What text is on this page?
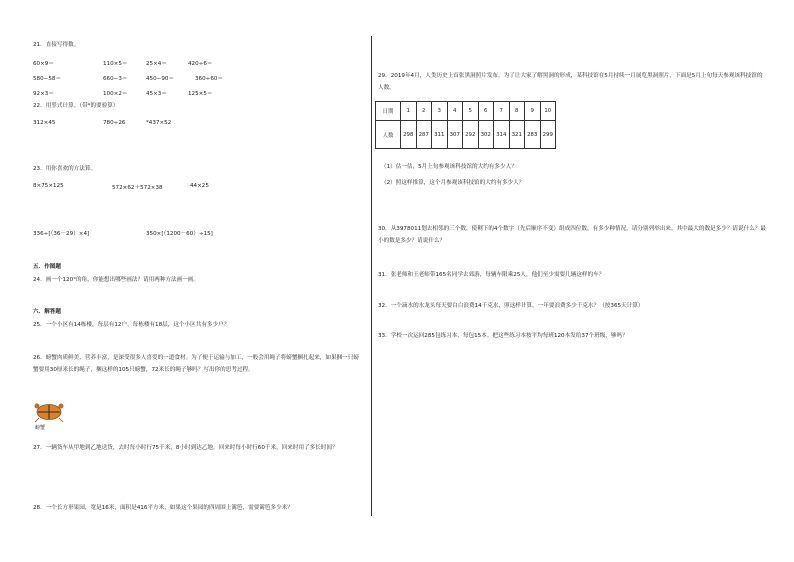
21．直接写得数。
60×9＝	110×5＝	25×4＝	420÷6＝
580−58＝	660−3＝	450−90＝	360÷60＝
92×3＝	100×2＝	45×3＝	125×5＝
22．用竖式计算。（带*的要验算）
312×45	780÷26	*437×52
23．用你喜欢的方法算。
8×75×125	572×62＋572×38	44×25
336÷[（36－29）×4]	350×[（1200－60）÷15]
五．作图题
24．画一个120°的角，你能想出哪些画法？请用两种方法画一画。
六．解答题
25．一个小区有14栋楼，每层有12户，每栋楼有18层，这个小区共有多少户？
26．螃蟹肉质鲜美、营养丰富，是深受很多人喜爱的一道食材。为了便于运输与加工，一般会用绳子将螃蟹捆扎起来，如果捆一只螃蟹要用30厘米长的绳子，捆这样的105只螃蟹，72米长的绳子够吗？写出你的思考过程。
螃蟹
27．一辆货车从甲地到乙地送货，去时每小时行75千米，8小时到达乙地。回来时每小时行60千米，回来时用了多长时间？
28．一个长方形果园，宽是16米，面积是416平方米，如果这个果园的四周围上篱笆，需要篱笆多少米？
29．2019年4月，人类历史上首张黑洞照片发布。为了让大家了解黑洞的形成，某科技馆在5月持续一月展览黑洞照片，下面是5月上旬每天参观该科技馆的人数。
日期	1	2	3	4	5	6	7	8	9	10
人数	298	287	311	307	292	302	314	321	283	299
（1）估一估，5月上旬参观该科技馆的大约有多少人？
（2）照这样推算，这个月参观该科技馆的大约有多少人？
30．从3978011划去相邻的三个数，使剩下的4个数字（先后顺序不变）组成四位数，有多少种情况，请分别列举出来。其中最大的数是多少？请说什么？最小的数是多少？请说什么？
31．张老师和王老师带165名同学去郊游，每辆车限乘25人，他们至少需要几辆这样的车？
32．一个滴水的水龙头每天要白白浪费14千克水，照这样计算，一年要浪费多少千克水？（按365天计算）
33．学校一次运回285包练习本，每包15本。把这些练习本按平均每班120本发给37个班级，够吗？
